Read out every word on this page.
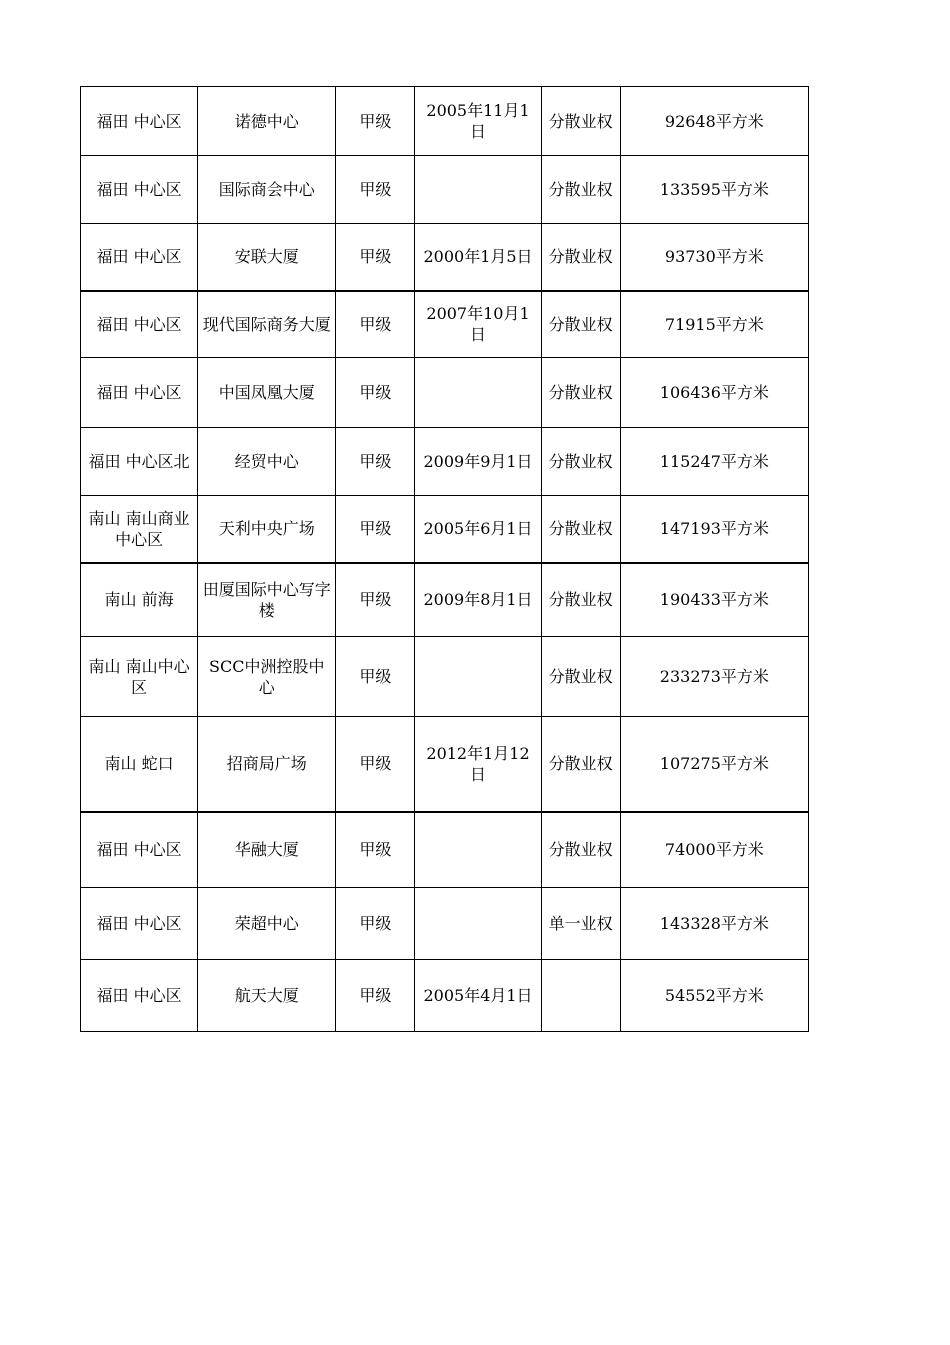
福田 中心区	诺德中心	甲级	2005年11月1日	分散业权	92648平方米
福田 中心区	国际商会中心	甲级		分散业权	133595平方米
福田 中心区	安联大厦	甲级	2000年1月5日	分散业权	93730平方米
福田 中心区	现代国际商务大厦	甲级	2007年10月1日	分散业权	71915平方米
福田 中心区	中国凤凰大厦	甲级		分散业权	106436平方米
福田 中心区北	经贸中心	甲级	2009年9月1日	分散业权	115247平方米
南山 南山商业中心区	天利中央广场	甲级	2005年6月1日	分散业权	147193平方米
南山 前海	田厦国际中心写字楼	甲级	2009年8月1日	分散业权	190433平方米
南山 南山中心区	SCC中洲控股中心	甲级		分散业权	233273平方米
南山 蛇口	招商局广场	甲级	2012年1月12日	分散业权	107275平方米
福田 中心区	华融大厦	甲级		分散业权	74000平方米
福田 中心区	荣超中心	甲级		单一业权	143328平方米
福田 中心区	航天大厦	甲级	2005年4月1日		54552平方米
